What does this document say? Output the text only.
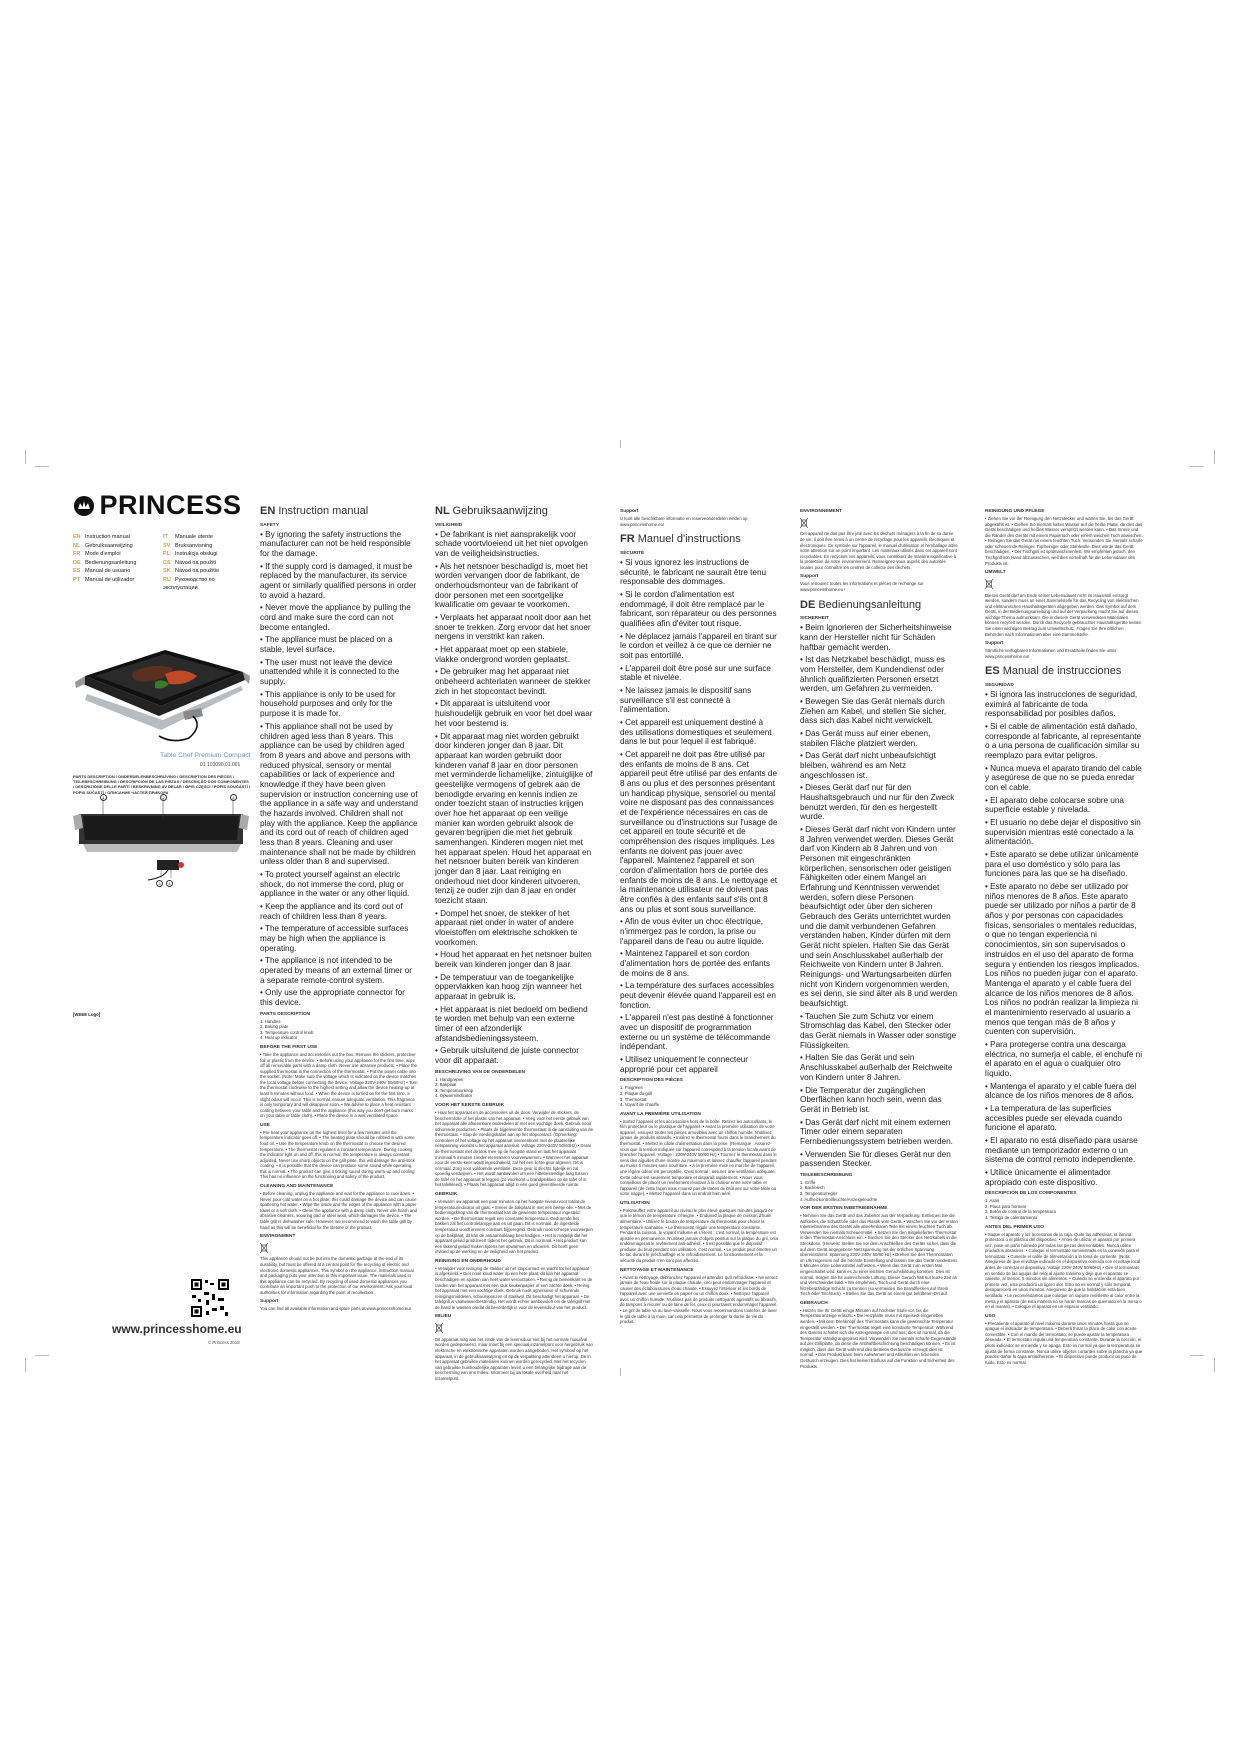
PRINCESS
EN Instruction manual
NL Gebruiksaanwijzing
FR Mode d'emploi
DE Bedienungsanleitung
ES Manual de usuario
PT Manual de utilizador
IT Manuale utente
SV Bruksanvisning
PL Instrukcja obsługi
CS Návod na použití
SK Návod na použitie
RU Руководство по эксплуатации
Table Chef Premium Compact
01.103090.01.001
PARTS DESCRIPTION / ONDERDELENBESCHRIJVING / DESCRIPTION DES PIÈCES / TEILEBESCHREIBUNG / DESCRIPCIÓN DE LAS PIEZAS / DESCRIÇÃO DOS COMPONENTES / DESCRIZIONE DELLE PARTI / BESKRIVNING AV DELAR / OPIS CZĘŚCI / POPIS SOUČÁSTÍ / POPIS SÚČASTÍ / ОПИСАНИЕ ЧАСТЕЙ ПРИБОРА
1	2	1
3	4
[WEEE Logo]
www.princesshome.eu
© Princess 2018
EN Instruction manual
SAFETY

• By ignoring the safety instructions the manufacturer can not be held responsible for the damage.

• If the supply cord is damaged, it must be replaced by the manufacturer, its service agent or similarly qualified persons in order to avoid a hazard.

• Never move the appliance by pulling the cord and make sure the cord can not become entangled.

• The appliance must be placed on a stable, level surface.

• The user must not leave the device unattended while it is connected to the supply.

• This appliance is only to be used for household purposes and only for the purpose it is made for.

• This appliance shall not be used by children aged less than 8 years. This appliance can be used by children aged from 8 years and above and persons with reduced physical, sensory or mental capabilities or lack of experience and knowledge if they have been given supervision or instruction concerning use of the appliance in a safe way and understand the hazards involved. Children shall not play with the appliance. Keep the appliance and its cord out of reach of children aged less than 8 years. Cleaning and user maintenance shall not be made by children unless older than 8 and supervised.

• To protect yourself against an electric shock, do not immerse the cord, plug or appliance in the water or any other liquid.

• Keep the appliance and its cord out of reach of children less than 8 years.

• The temperature of accessible surfaces may be high when the appliance is operating.

• The appliance is not intended to be operated by means of an external timer or a separate remote-control system.

• Only use the appropriate connector for this device.

PARTS DESCRIPTION
1. Handles
2. Baking plate
3. Temperature control knob
4. Heat up indicator
BEFORE THE FIRST USE

• Take the appliance and accessories out the box. Remove the stickers, protective foil or plastic from the device. • Before using your appliance for the first time, wipe off all removable parts with a damp cloth. Never use abrasive products. • Place the supplied thermostat in the connection of the thermostat. • Put the power cable into the socket. (Note: Make sure the voltage which is indicated on the device matches the local voltage before connecting the device. Voltage 220V-240V 50/60Hz) • Turn the thermostat clockwise to the highest setting and allow the device heating-up at least 5 minutes without food. • When the device is turned on for the first time, a slight odour will occur. This is normal, ensure adequate ventilation. This fragrance is only temporary and will disappear soon. • We advise to place a heat resistant coating between your table and the appliance (this way you don't get burn marks on your table or table cloth). • Place the device in a well ventilated space.

USE

• Pre-heat your appliance on the highest level for a few minutes until the temperature indicator goes off. • The heating plate should be rubbed in with some food oil. • Use the temperature knob on the thermostat to choose the desired temperature. • The thermostat regulates a constant temperature. During cooking the indicator light on and off, this is normal, the temperature is always constant adjusted. Never use sharp objects on the grill plate, this will damage the anti-stick coating. • It is possible that the device can produce some sound while operating, this is normal. • The product can give a ticking sound during warm-up and cooling. This has no influence on the functioning and safety of the product.

CLEANING AND MAINTENANCE

• Before cleaning, unplug the appliance and wait for the appliance to cool down. • Never pour cold water on a hot plate; this could damage the device and can cause spattering hot water. • Wipe the inside and the edges of the appliance with a paper towel or a soft cloth. • Clean the appliance with a damp cloth. Never use harsh and abrasive cleaners, scouring pad or steel wool, which damages the device. • The table grill is dishwasher safe. However, we recommend to wash the table grill by hand as this will be beneficial for the lifetime of the product.

ENVIRONMENT

This appliance should not be put into the domestic garbage at the end of its durability, but must be offered at a central point for the recycling of electric and electronic domestic appliances. This symbol on the appliance, instruction manual and packaging puts your attention to this important issue. The materials used in this appliance can be recycled. By recycling of used domestic appliances you contribute an important push to the protection of our environment. Ask your local authorities for information regarding the point of recollection.

Support

You can find all available information and spare parts at www.princesshome.eu!

NL Gebruiksaanwijzing
VEILIGHEID

• De fabrikant is niet aansprakelijk voor schade voortvloeiend uit het niet opvolgen van de veiligheidsinstructies.

• Als het netsnoer beschadigd is, moet het worden vervangen door de fabrikant, de onderhoudsmonteur van de fabrikant of door personen met een soortgelijke kwalificatie om gevaar te voorkomen.

• Verplaats het apparaat nooit door aan het snoer te trekken. Zorg ervoor dat het snoer nergens in verstrikt kan raken.

• Het apparaat moet op een stabiele, vlakke ondergrond worden geplaatst.

• De gebruiker mag het apparaat niet onbeheerd achterlaten wanneer de stekker zich in het stopcontact bevindt.

• Dit apparaat is uitsluitend voor huishoudelijk gebruik en voor het doel waar het voor bestemd is.

• Dit apparaat mag niet worden gebruikt door kinderen jonger dan 8 jaar. Dit apparaat kan worden gebruikt door kinderen vanaf 8 jaar en door personen met verminderde lichamelijke, zintuiglijke of geestelijke vermogens of gebrek aan de benodigde ervaring en kennis indien ze onder toezicht staan of instructies krijgen over hoe het apparaat op een veilige manier kan worden gebruikt alsook de gevaren begrijpen die met het gebruik samenhangen. Kinderen mogen niet met het apparaat spelen. Houd het apparaat en het netsnoer buiten bereik van kinderen jonger dan 8 jaar. Laat reiniging en onderhoud niet door kinderen uitvoeren, tenzij ze ouder zijn dan 8 jaar en onder toezicht staan.

• Dompel het snoer, de stekker of het apparaat niet onder in water of andere vloeistoffen om elektrische schokken te voorkomen.

• Houd het apparaat en het netsnoer buiten bereik van kinderen jonger dan 8 jaar.

• De temperatuur van de toegankelijke oppervlakken kan hoog zijn wanneer het apparaat in gebruik is.

• Het apparaat is niet bedoeld om bediend te worden met behulp van een externe timer of een afzonderlijk afstandsbedieningssysteem.

• Gebruik uitsluitend de juiste connector voor dit apparaat.

BESCHRIJVING VAN DE ONDERDELEN
1. Handgrepen
2. Bakplaat
3. Temperatuurknop
4. Opwarmindicator
VOOR HET EERSTE GEBRUIK

• Haal het apparaat en de accessoires uit de doos. Verwijder de stickers, de beschermfolie of het plastic van het apparaat. • Veeg voor het eerste gebruik van het apparaat alle afneembare onderdelen af met een vochtige doek. Gebruik nooit schurende producten. • Plaats de bijgeleverde thermostaat in de aansluiting van de thermostaat. • Stop de voedingskabel aan op het stopcontact. (Opmerking: controleer of het voltage op het apparaat overeenkomt met de plaatselijke netspanning voordat u het apparaat aansluit. Voltage 220V-240V 50/60Hz) • Draai de thermostaat met de klok mee op de hoogste stand en laat het apparaat minimaal 5 minuten zonder etenswaren voorverwarmen. • Wanneer het apparaat voor de eerste keer wordt ingeschakeld, zal het een lichte geur afgeven. Dit is normaal. Zorg voor voldoende ventilatie. Deze geur is slechts tijdelijk en zal spoedig verdwijnen. • Het wordt aanbevolen om een hittebestendige laag tussen de tafel en het apparaat te leggen (zo voorkomt u brandplekken op de tafel of in het tafelkleed). • Plaats het apparaat altijd in een goed geventileerde ruimte.

GEBRUIK

• Verwarm uw apparaat een paar minuten op het hoogste niveau voor totdat de temperatuurindicator uit gaat. • Smeer de bakplaat in met een beetje olie. • Met de bedieningsknop van de thermostaat kan de gewenste temperatuur ingesteld worden. • De thermostaat regelt een constante temperatuur. Gedurende het bakken zal het controlelampje aan en uit gaan. Dit is normaal, de ingestelde temperatuur wordt immers constant bijgeregeld. Gebruik nooit scherpe voorwerpen op de bakplaat, dit kan de antiaanbaklaag beschadigen. • Het is mogelijk dat het apparaat geluid produceert tijdens het gebruik. Dit is normaal. • Het product kan een tikkend geluid maken tijdens het opwarmen en afkoelen. Dit heeft geen invloed op de werking en de veiligheid van het product.

REINIGING EN ONDERHOUD

• Verwijder voor reiniging de stekker uit het stopcontact en wacht tot het apparaat is afgekoeld. • Giet nooit koud water op een hete plaat; dit kan het apparaat beschadigen en spatten van heet water veroorzaken. • Reinig de binnenkant en de randen van het apparaat met een stuk keukenpapier of een zachte doek. • Reinig het apparaat met een vochtige doek. Gebruik nooit agressieve of schurende reinigingsmiddelen, schuursponzen of staalwol. Dit beschadigt het apparaat. • De tafelgrill is vaatwasserbestendig. Het wordt echter aanbevolen om de tafelgrill met de hand te wassen omdat dit bevorderlijk is voor de levensduur van het product.

MILIEU

Dit apparaat mag aan het einde van de levensduur niet bij het normale huisafval worden gedeponeerd, maar moet bij een speciaal inzamelpunt voor hergebruik van elektrische en elektronische apparaten worden aangeboden. Het symbool op het apparaat, in de gebruiksaanwijzing en op de verpakking attendeert u hierop. De in het apparaat gebruikte materialen kunnen worden gerecycled. Met het recyclen van gebruikte huishoudelijke apparaten levert u een belangrijke bijdrage aan de bescherming van ons milieu. Informeer bij uw lokale overheid naar het inzamelpunt.

Support

U kunt alle beschikbare informatie en reserveonderdelen vinden op www.princesshome.eu!

FR Manuel d'instructions
SÉCURITÉ

• Si vous ignorez les instructions de sécurité, le fabricant ne saurait être tenu responsable des dommages.

• Si le cordon d'alimentation est endommagé, il doit être remplacé par le fabricant, son réparateur ou des personnes qualifiées afin d'éviter tout risque.

• Ne déplacez jamais l'appareil en tirant sur le cordon et veillez à ce que ce dernier ne soit pas entortillé.

• L'appareil doit être posé sur une surface stable et nivelée.

• Ne laissez jamais le dispositif sans surveillance s'il est connecté à l'alimentation.

• Cet appareil est uniquement destiné à des utilisations domestiques et seulement dans le but pour lequel il est fabriqué.

• Cet appareil ne doit pas être utilisé par des enfants de moins de 8 ans. Cet appareil peut être utilisé par des enfants de 8 ans ou plus et des personnes présentant un handicap physique, sensoriel ou mental voire ne disposant pas des connaissances et de l'expérience nécessaires en cas de surveillance ou d'instructions sur l'usage de cet appareil en toute sécurité et de compréhension des risques impliqués. Les enfants ne doivent pas jouer avec l'appareil. Maintenez l'appareil et son cordon d'alimentation hors de portée des enfants de moins de 8 ans. Le nettoyage et la maintenance utilisateur ne doivent pas être confiés à des enfants sauf s'ils ont 8 ans ou plus et sont sous surveillance.

• Afin de vous éviter un choc électrique, n'immergez pas le cordon, la prise ou l'appareil dans de l'eau ou autre liquide.

• Maintenez l'appareil et son cordon d'alimentation hors de portée des enfants de moins de 8 ans.

• La température des surfaces accessibles peut devenir élevée quand l'appareil est en fonction.

• L'appareil n'est pas destiné à fonctionner avec un dispositif de programmation externe ou un système de télécommande indépendant.

• Utilisez uniquement le connecteur approprié pour cet appareil

DESCRIPTION DES PIÈCES
1. Poignées
2. Plaque du grill
3. Thermostat
4. Voyant de chauffe
AVANT LA PREMIÈRE UTILISATION

• Sortez l'appareil et les accessoires hors de la boîte. Retirez les autocollants, le film protecteur ou le plastique de l'appareil. • Avant la première utilisation de votre appareil, essuyez toutes les pièces amovibles avec un chiffon humide. N'utilisez jamais de produits abrasifs. • Insérez le thermostat fourni dans le branchement du thermostat. • Mettez le câble d'alimentation dans la prise. (Remarque : Assurez-vous que la tension indiquée sur l'appareil correspond à la tension locale avant de brancher l'appareil. Voltage : 220V-240V 50/60 Hz) • Tournez le thermostat dans le sens des aiguilles d'une montre au maximum et laissez chauffer l'appareil pendant au moins 5 minutes sans nourriture. • À la première mise en marche de l'appareil, une légère odeur est perceptible. C'est normal ; assurez une ventilation adéquate. Cette odeur est seulement temporaire et disparaît rapidement. • Nous vous conseillons de placer un revêtement résistant à la chaleur entre votre table et l'appareil (de cette façon vous n'aurez pas de traces de brûlures sur votre table ou votre nappe). • Mettez l'appareil dans un endroit bien aéré.

UTILISATION

• Préchauffez votre appareil au niveau le plus élevé quelques minutes jusqu'à ce que le témoin de température s'éteigne. • Enduisez la plaque de cuisson d'huile alimentaire. • Utilisez le bouton de température du thermostat pour choisir la température souhaitée. • Le thermostat régule une température constante. Pendant la cuisson, le voyant s'allume et s'éteint ; c'est normal, la température est ajustée en permanence. N'utilisez jamais d'objets pointus sur la plaque du gril, cela endommagerait le revêtement anti-adhésif. • Il est possible que le dispositif produise du bruit pendant son utilisation, c'est normal. • Le produit peut émettre un tic-tac durant le préchauffage et le refroidissement. Le fonctionnement et la sécurité du produit n'en sont pas affectés.

NETTOYAGE ET MAINTENANCE

• Avant le nettoyage, débranchez l'appareil et attendez qu'il refroidisse. • Ne versez jamais de l'eau froide sur la plaque chaude, ceci peut endommager l'appareil et causer des éclaboussures d'eau chaude. • Essuyez l'intérieur et les bords de l'appareil avec une serviette en papier ou un chiffon doux. • Nettoyez l'appareil avec un chiffon humide. N'utilisez pas de produits nettoyants agressifs ou abrasifs, de tampons à récurer ou de laine de fer, ceux-ci pourraient endommager l'appareil. • Le gril de table va au lave-vaisselle. Nous vous recommandons toutefois de laver le gril de table à la main, car cela permettra de prolonger la durée de vie du produit.

ENVIRONNEMENT

Cet appareil ne doit pas être jeté avec les déchets ménagers à la fin de sa durée de vie, il doit être remis à un centre de recyclage pour les appareils électriques et électroniques. Ce symbole sur l'appareil, le manuel d'utilisation et l'emballage attire votre attention sur un point important. Les matériaux utilisés dans cet appareil sont recyclables. En recyclant vos appareils, vous contribuez de manière significative à la protection de notre environnement. Renseignez-vous auprès des autorités locales pour connaître les centres de collecte des déchets.

Support

Vous retrouvez toutes les informations et pièces de rechange sur www.princesshome.eu !

DE Bedienungsanleitung
SICHERHEIT

• Beim Ignorieren der Sicherheitshinweise kann der Hersteller nicht für Schäden haftbar gemacht werden.

• Ist das Netzkabel beschädigt, muss es vom Hersteller, dem Kundendienst oder ähnlich qualifizierten Personen ersetzt werden, um Gefahren zu vermeiden.

• Bewegen Sie das Gerät niemals durch Ziehen am Kabel, und stellen Sie sicher, dass sich das Kabel nicht verwickelt.

• Das Gerät muss auf einer ebenen, stabilen Fläche platziert werden.

• Das Gerät darf nicht unbeaufsichtigt bleiben, während es am Netz angeschlossen ist.

• Dieses Gerät darf nur für den Haushaltsgebrauch und nur für den Zweck benutzt werden, für den es hergestellt wurde.

• Dieses Gerät darf nicht von Kindern unter 8 Jahren verwendet werden. Dieses Gerät darf von Kindern ab 8 Jahren und von Personen mit eingeschränkten körperlichen, sensorischen oder geistigen Fähigkeiten oder einem Mangel an Erfahrung und Kenntnissen verwendet werden, sofern diese Personen beaufsichtigt oder über den sicheren Gebrauch des Geräts unterrichtet wurden und die damit verbundenen Gefahren verstanden haben. Kinder dürfen mit dem Gerät nicht spielen. Halten Sie das Gerät und sein Anschlusskabel außerhalb der Reichweite von Kindern unter 8 Jahren. Reinigungs- und Wartungsarbeiten dürfen nicht von Kindern vorgenommen werden, es sei denn, sie sind älter als 8 und werden beaufsichtigt.

• Tauchen Sie zum Schutz vor einem Stromschlag das Kabel, den Stecker oder das Gerät niemals in Wasser oder sonstige Flüssigkeiten.

• Halten Sie das Gerät und sein Anschlusskabel außerhalb der Reichweite von Kindern unter 8 Jahren.

• Die Temperatur der zugänglichen Oberflächen kann hoch sein, wenn das Gerät in Betrieb ist.

• Das Gerät darf nicht mit einem externen Timer oder einem separaten Fernbedienungssystem betrieben werden.

• Verwenden Sie für dieses Gerät nur den passenden Stecker.

TEILEBESCHREIBUNG
1. Griffe
2. Backblech
3. Temperaturregler
4. Aufheizkontrollleuchte/Anzeigeleuchte
VOR DER ERSTEN INBETRIEBNAHME

• Nehmen Sie das Gerät und das Zubehör aus der Verpackung. Entfernen Sie die Aufkleber, die Schutzfolie oder das Plastik vom Gerät. • Wischen Sie vor der ersten Inbetriebnahme des Geräts alle abnehmbaren Teile mit einem feuchten Tuch ab. Verwenden Sie niemals Scheuermittel. • Setzen Sie den mitgelieferten Thermostat in den Thermostat-Anschluss ein. • Stecken Sie den Stecker des Netzkabels in die Steckdose. (Hinweis: Stellen Sie vor dem Anschließen des Geräts sicher, dass die auf dem Gerät angegebene Netzspannung mit der örtlichen Spannung übereinstimmt. Spannung 220V-240V 50/60 Hz) • Drehen Sie den Thermostaten im Uhrzeigersinn auf die höchste Einstellung und lassen Sie das Gerät mindestens 5 Minuten ohne Lebensmittel aufheizen. • Wenn das Gerät zum ersten Mal eingeschaltet wird, kann es zu einer leichten Geruchsbildung kommen. Dies ist normal. Sorgen Sie für ausreichende Lüftung. Dieser Geruch hält nur kurze Zeit an und verschwindet bald. • Wir empfehlen, Tisch und Gerät durch eine hitzebeständige Schicht zu trennen (so vermeiden Sie Brandflecken auf Ihrem Tisch oder Tischtuch). • Stellen Sie das Gerät an einem gut belüfteten Ort auf.

GEBRAUCH

• Heizen Sie Ihr Gerät einige Minuten auf höchster Stufe vor, bis die Temperaturanzeige erlischt. • Die Heizplatte muss mit Speiseöl eingerieben werden. • Mit dem Drehknopf des Thermostats kann die gewünschte Temperatur eingestellt werden. • Der Thermostat regelt eine konstante Temperatur. Während des Garens schaltet sich die Anzeigelampe ein und aus; dies ist normal, da die Temperatur ständig angepasst wird. Verwenden Sie niemals scharfe Gegenstände auf der Grillplatte, da diese die Antihaftbeschichtung beschädigen können. • Es ist möglich, dass das Gerät während des Betriebs Geräusche erzeugt; dies ist normal. • Das Produkt kann beim Aufwärmen und Abkühlen ein tickendes Geräusch erzeugen. Dies hat keinen Einfluss auf die Funktion und Sicherheit des Produkts.

REINIGUNG UND PFLEGE

• Ziehen Sie vor der Reinigung den Netzstecker und warten Sie, bis das Gerät abgekühlt ist. • Gießen Sie niemals kaltes Wasser auf die heiße Platte, da dies das Gerät beschädigen und heißes Wasser verspritzt werden kann. • Das Innere und die Ränder des Geräts mit einem Papiertuch oder einem weichen Tuch abwischen. • Reinigen Sie das Gerät mit einem feuchten Tuch. Verwenden Sie niemals scharfe oder scheuernde Reiniger, Topfreiniger oder Stahlwolle. Dies würde das Gerät beschädigen. • Der Tischgrill ist spülmaschinenfest. Wir empfehlen jedoch, den Tischgrill von Hand abzuwaschen, weil dies vorteilhaft für die Lebensdauer des Produkts ist.

UMWELT

Dieses Gerät darf am Ende seiner Lebensdauer nicht im Hausmüll entsorgt werden, sondern muss an einer Sammelstelle für das Recycling von elektrischen und elektronischen Haushaltsgeräten abgegeben werden. Das Symbol auf dem Gerät, in der Bedienungsanleitung und auf der Verpackung macht Sie auf dieses wichtige Thema aufmerksam. Die in diesem Gerät verwendeten Materialien können recycelt werden. Durch das Recyceln gebrauchter Haushaltsgeräte leisten Sie einen wichtigen Beitrag zum Umweltschutz. Fragen Sie Ihre örtlichen Behörden nach Informationen über eine Sammelstelle.

Support

Sämtliche verfügbaren Informationen und Ersatzteile finden Sie unter www.princesshome.eu!

ES Manual de instrucciones
SEGURIDAD

• Si ignora las instrucciones de seguridad, eximirá al fabricante de toda responsabilidad por posibles daños.

• Si el cable de alimentación está dañado, corresponde al fabricante, al representante o a una persona de cualificación similar su reemplazo para evitar peligros.

• Nunca mueva el aparato tirando del cable y asegúrese de que no se pueda enredar con el cable.

• El aparato debe colocarse sobre una superficie estable y nivelada.

• El usuario no debe dejar el dispositivo sin supervisión mientras esté conectado a la alimentación.

• Este aparato se debe utilizar únicamente para el uso doméstico y sólo para las funciones para las que se ha diseñado.

• Este aparato no debe ser utilizado por niños menores de 8 años. Este aparato puede ser utilizado por niños a partir de 8 años y por personas con capacidades físicas, sensoriales o mentales reducidas, o que no tengan experiencia ni conocimientos, sin son supervisados o instruidos en el uso del aparato de forma segura y entienden los riesgos implicados. Los niños no pueden jugar con el aparato. Mantenga el aparato y el cable fuera del alcance de los niños menores de 8 años. Los niños no podrán realizar la limpieza ni el mantenimiento reservado al usuario a menos que tengan más de 8 años y cuenten con supervisión.

• Para protegerse contra una descarga eléctrica, no sumerja el cable, el enchufe ni el aparato en el agua o cualquier otro líquido.

• Mantenga el aparato y el cable fuera del alcance de los niños menores de 8 años.

• La temperatura de las superficies accesibles puede ser elevada cuando funcione el aparato.

• El aparato no está diseñado para usarse mediante un temporizador externo o un sistema de control remoto independiente.

• Utilice únicamente el alimentador apropiado con este dispositivo.

DESCRIPCIÓN DE LOS COMPONENTES
1. Asas
2. Placa para hornear
3. Botón de control de la temperatura
4. Testigo de calentamiento
ANTES DEL PRIMER USO

• Saque el aparato y los accesorios de la caja. Quite las adhesivas, la lámina protectora o el plástico del dispositivo. • Antes de utilizar el aparato por primera vez, pase un paño húmedo por todas las piezas desmontables. Nunca utilice productos abrasivos. • Coloque el termostato suministrado en la conexión para el termostato. • Conecte el cable de alimentación a la toma de corriente. (Nota: Asegúrese de que el voltaje indicado en el dispositivo coincida con el voltaje local antes de conectar el dispositivo. Voltaje 220V-240V 50/60Hz) • Gire el termostato en sentido de las agujas del reloj al ajuste máximo y deje que el aparato se caliente, al menos, 5 minutos sin alimentos. • Cuando se encienda el aparato por primera vez, este producirá un ligero olor. Esto no es normal y sólo temporal, desaparecerá en unos minutos. Asegúrese de que la habitación está bien ventilada. • Le recomendamos que coloque un soporte resistente al calor entre la mesa y el aparato (de esta manera no se harán marcas de quemado en la mesa o en el mantel). • Coloque el aparato en un espacio ventilado.

USO

• Precaliente el aparato al nivel máximo durante unos minutos hasta que se apague el indicador de temperatura. • Deberá frotar la placa de calor con aceite comestible. • Con el mando del termostato, se puede ajustar la temperatura deseada. • El termostato regula una temperatura constante. Durante la cocción, el piloto indicador se enciende y se apaga. Esto es normal ya que la temperatura se ajusta de forma constante. Nunca utilice objetos cortantes sobre la plancha ya que pueden dañar la capa antiadherente. • El dispositivo puede producir un poco de ruido. Esto es normal.
